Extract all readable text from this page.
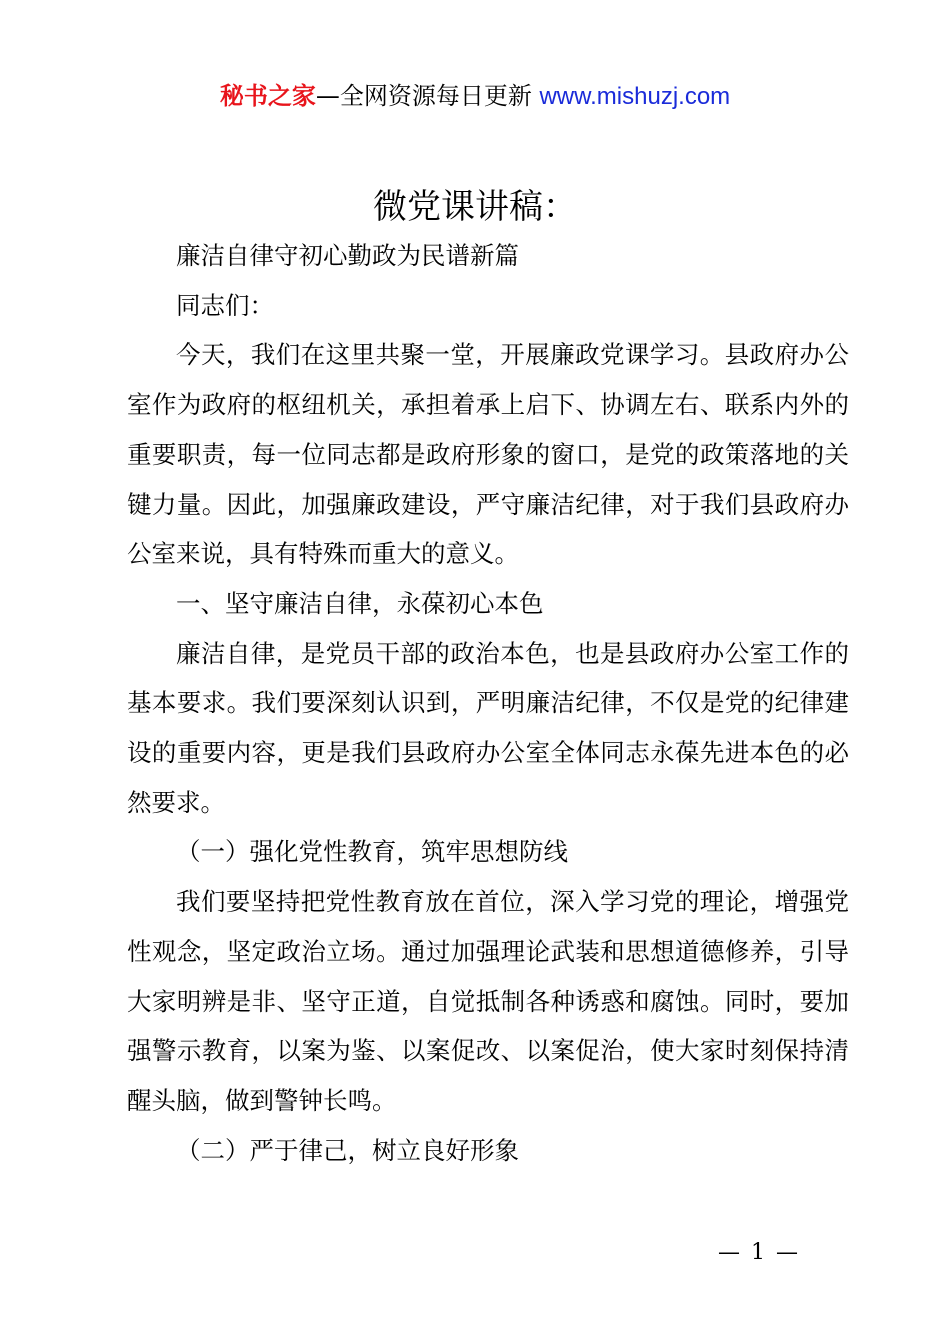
秘书之家—全网资源每日更新 www.mishuzj.com
微党课讲稿：

廉洁自律守初心勤政为民谱新篇

同志们：

今天，我们在这里共聚一堂，开展廉政党课学习。县政府办公室作为政府的枢纽机关，承担着承上启下、协调左右、联系内外的重要职责，每一位同志都是政府形象的窗口，是党的政策落地的关键力量。因此，加强廉政建设，严守廉洁纪律，对于我们县政府办公室来说，具有特殊而重大的意义。

一、坚守廉洁自律，永葆初心本色

廉洁自律，是党员干部的政治本色，也是县政府办公室工作的基本要求。我们要深刻认识到，严明廉洁纪律，不仅是党的纪律建设的重要内容，更是我们县政府办公室全体同志永葆先进本色的必然要求。

（一）强化党性教育，筑牢思想防线

我们要坚持把党性教育放在首位，深入学习党的理论，增强党性观念，坚定政治立场。通过加强理论武装和思想道德修养，引导大家明辨是非、坚守正道，自觉抵制各种诱惑和腐蚀。同时，要加强警示教育，以案为鉴、以案促改、以案促治，使大家时刻保持清醒头脑，做到警钟长鸣。

（二）严于律己，树立良好形象

— 1 —
